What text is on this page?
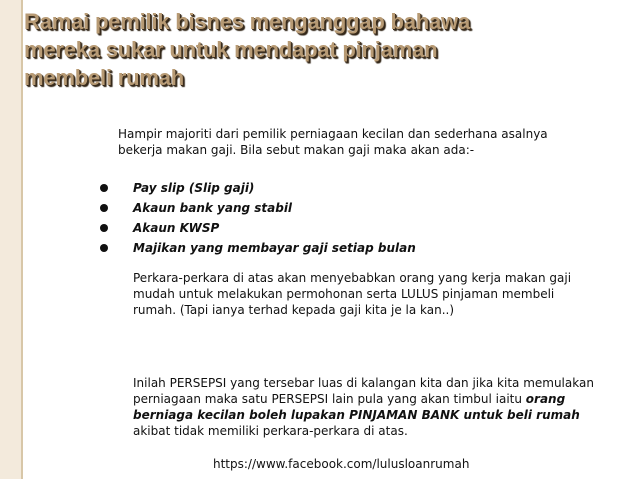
Ramai pemilik bisnes menganggap bahawa
mereka sukar untuk mendapat pinjaman
membeli rumah
Hampir majoriti dari pemilik perniagaan kecilan dan sederhana asalnya
bekerja makan gaji. Bila sebut makan gaji maka akan ada:-
Pay slip (Slip gaji)
Akaun bank yang stabil
Akaun KWSP
Majikan yang membayar gaji setiap bulan
Perkara-perkara di atas akan menyebabkan orang yang kerja makan gaji
mudah untuk melakukan permohonan serta LULUS pinjaman membeli
rumah. (Tapi ianya terhad kepada gaji kita je la kan..)
Inilah PERSEPSI yang tersebar luas di kalangan kita dan jika kita memulakan
perniagaan maka satu PERSEPSI lain pula yang akan timbul iaitu orang
berniaga kecilan boleh lupakan PINJAMAN BANK untuk beli rumah
akibat tidak memiliki perkara-perkara di atas.
https://www.facebook.com/lulusloanrumah
